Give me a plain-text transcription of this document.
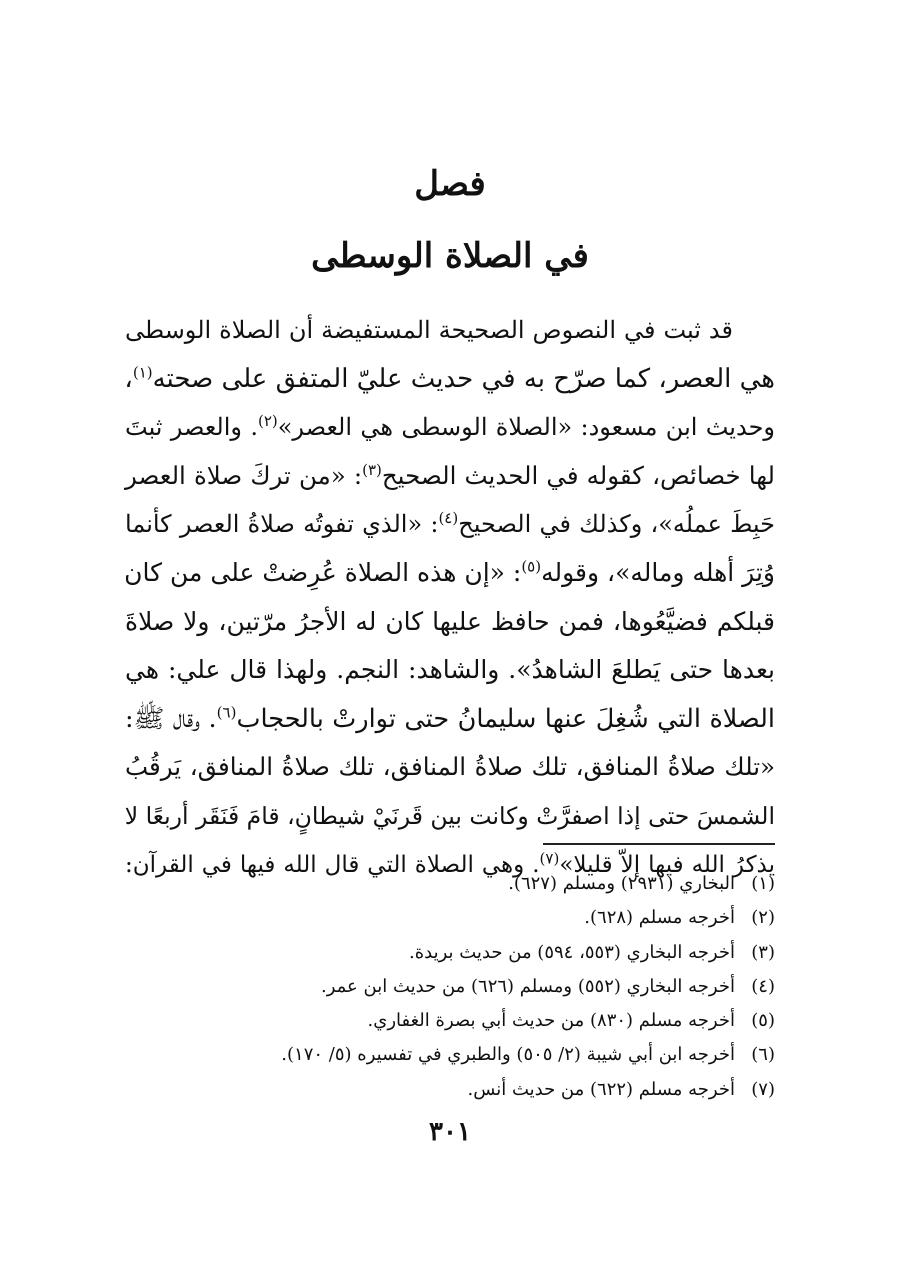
فصل
في الصلاة الوسطى
قد ثبت في النصوص الصحيحة المستفيضة أن الصلاة الوسطى
هي العصر، كما صرّح به في حديث عليّ المتفق على صحته$^{(١)}$،
وحديث ابن مسعود: «الصلاة الوسطى هي العصر»$^{(٢)}$. والعصر ثبتَ
لها خصائص، كقوله في الحديث الصحيح$^{(٣)}$: «من تركَ صلاة العصر
حَبِطَ عملُه»، وكذلك في الصحيح$^{(٤)}$: «الذي تفوتُه صلاةُ العصر كأنما
وُتِرَ أهله وماله»، وقوله$^{(٥)}$: «إن هذه الصلاة عُرِضتْ على من كان
قبلكم فضيَّعُوها، فمن حافظ عليها كان له الأجرُ مرّتين، ولا صلاةَ
بعدها حتى يَطلعَ الشاهدُ». والشاهد: النجم. ولهذا قال علي: هي
الصلاة التي شُغِلَ عنها سليمانُ حتى توارتْ بالحجاب$^{(٦)}$. وقال ﷺ:
«تلك صلاةُ المنافق، تلك صلاةُ المنافق، تلك صلاةُ المنافق، يَرقُبُ
الشمسَ حتى إذا اصفرَّتْ وكانت بين قَرنَيْ شيطانٍ، قامَ فَنَقَر أربعًا لا
يذكرُ الله فيها إلاّ قليلا»$^{(٧)}$. وهي الصلاة التي قال الله فيها في القرآن:
(١)البخاري (٢٩٣١) ومسلم (٦٢٧).
(٢)أخرجه مسلم (٦٢٨).
(٣)أخرجه البخاري (٥٥٣، ٥٩٤) من حديث بريدة.
(٤)أخرجه البخاري (٥٥٢) ومسلم (٦٢٦) من حديث ابن عمر.
(٥)أخرجه مسلم (٨٣٠) من حديث أبي بصرة الغفاري.
(٦)أخرجه ابن أبي شيبة (٢/ ٥٠٥) والطبري في تفسيره (٥/ ١٧٠).
(٧)أخرجه مسلم (٦٢٢) من حديث أنس.
٣٠١
